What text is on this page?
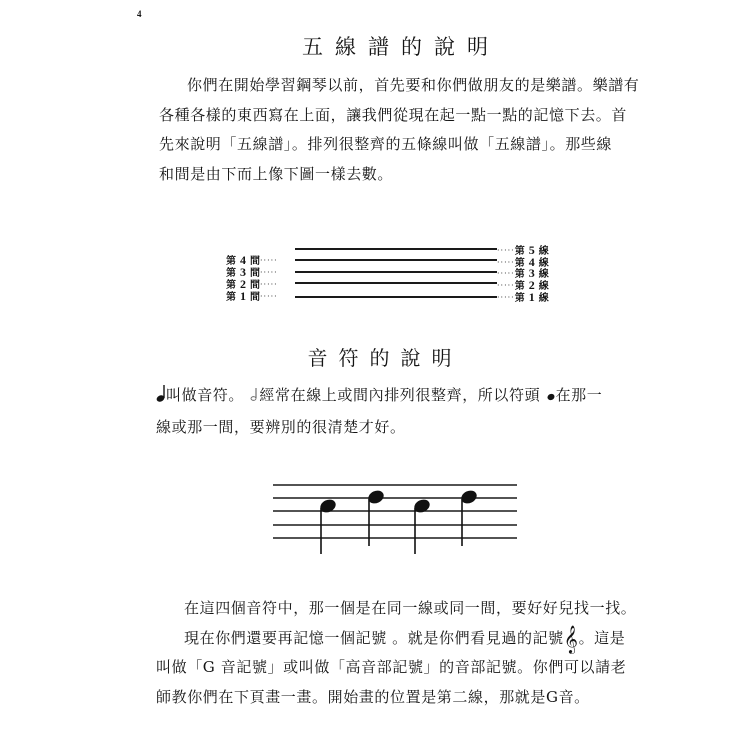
4
五線譜的說明
你們在開始學習鋼琴以前，首先要和你們做朋友的是樂譜。樂譜有
各種各樣的東西寫在上面，讓我們從現在起一點一點的記憶下去。首
先來說明「五線譜」。排列很整齊的五條線叫做「五線譜」。那些線
和間是由下而上像下圖一樣去數。
第 4 間·····
第 3 間·····
第 2 間·····
第 1 間·····
·····第 5 線
·····第 4 線
·····第 3 線
·····第 2 線
·····第 1 線
音符的說明
叫做音符。 經常在線上或間內排列很整齊，所以符頭 在那一
線或那一間，要辨別的很清楚才好。
在這四個音符中，那一個是在同一線或同一間，要好好兒找一找。
現在你們還要再記憶一個記號 。就是你們看見過的記號𝄞。這是
叫做「G 音記號」或叫做「高音部記號」的音部記號。你們可以請老
師教你們在下頁畫一畫。開始畫的位置是第二線，那就是G音。
